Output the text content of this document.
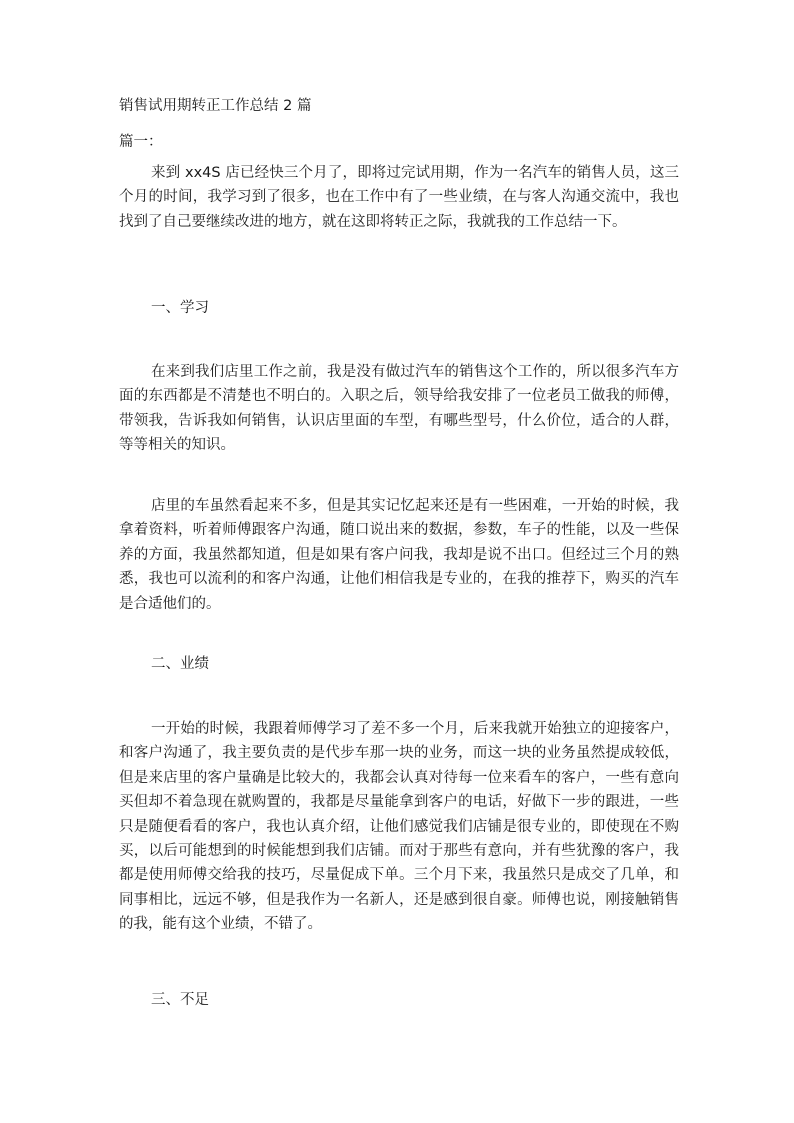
销售试用期转正工作总结 2 篇
篇一：
来到 xx4S 店已经快三个月了，即将过完试用期，作为一名汽车的销售人员，这三个月的时间，我学习到了很多，也在工作中有了一些业绩，在与客人沟通交流中，我也找到了自己要继续改进的地方，就在这即将转正之际，我就我的工作总结一下。
一、学习
在来到我们店里工作之前，我是没有做过汽车的销售这个工作的，所以很多汽车方面的东西都是不清楚也不明白的。入职之后，领导给我安排了一位老员工做我的师傅，带领我，告诉我如何销售，认识店里面的车型，有哪些型号，什么价位，适合的人群，等等相关的知识。
店里的车虽然看起来不多，但是其实记忆起来还是有一些困难，一开始的时候，我拿着资料，听着师傅跟客户沟通，随口说出来的数据，参数，车子的性能，以及一些保养的方面，我虽然都知道，但是如果有客户问我，我却是说不出口。但经过三个月的熟悉，我也可以流利的和客户沟通，让他们相信我是专业的，在我的推荐下，购买的汽车是合适他们的。
二、业绩
一开始的时候，我跟着师傅学习了差不多一个月，后来我就开始独立的迎接客户，和客户沟通了，我主要负责的是代步车那一块的业务，而这一块的业务虽然提成较低，但是来店里的客户量确是比较大的，我都会认真对待每一位来看车的客户，一些有意向买但却不着急现在就购置的，我都是尽量能拿到客户的电话，好做下一步的跟进，一些只是随便看看的客户，我也认真介绍，让他们感觉我们店铺是很专业的，即使现在不购买，以后可能想到的时候能想到我们店铺。而对于那些有意向，并有些犹豫的客户，我都是使用师傅交给我的技巧，尽量促成下单。三个月下来，我虽然只是成交了几单，和同事相比，远远不够，但是我作为一名新人，还是感到很自豪。师傅也说，刚接触销售的我，能有这个业绩，不错了。
三、不足
